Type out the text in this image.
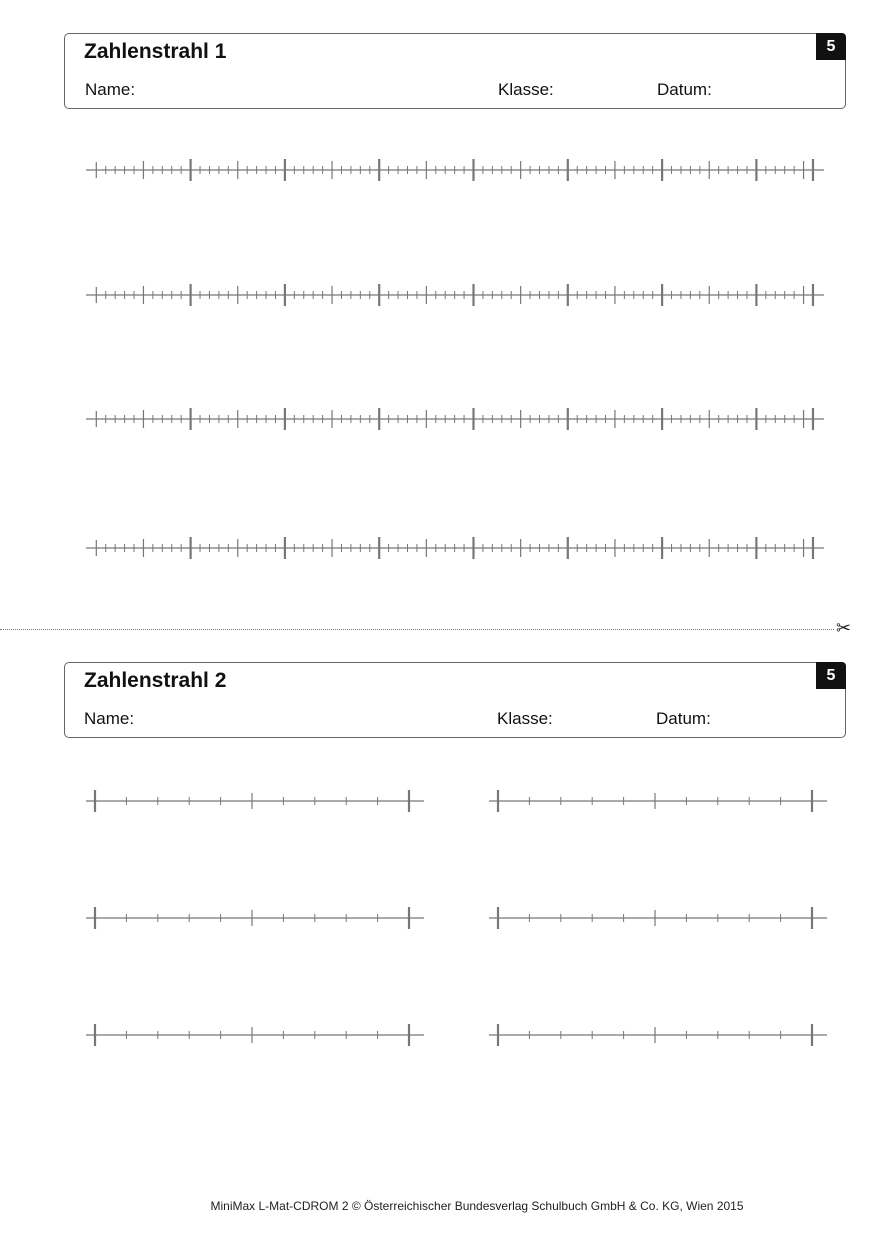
Zahlenstrahl 1
Name:	Klasse:	Datum:
5
✂
Zahlenstrahl 2
Name:	Klasse:	Datum:
5
MiniMax L-Mat-CDROM 2 © Österreichischer Bundesverlag Schulbuch GmbH & Co. KG, Wien 2015
